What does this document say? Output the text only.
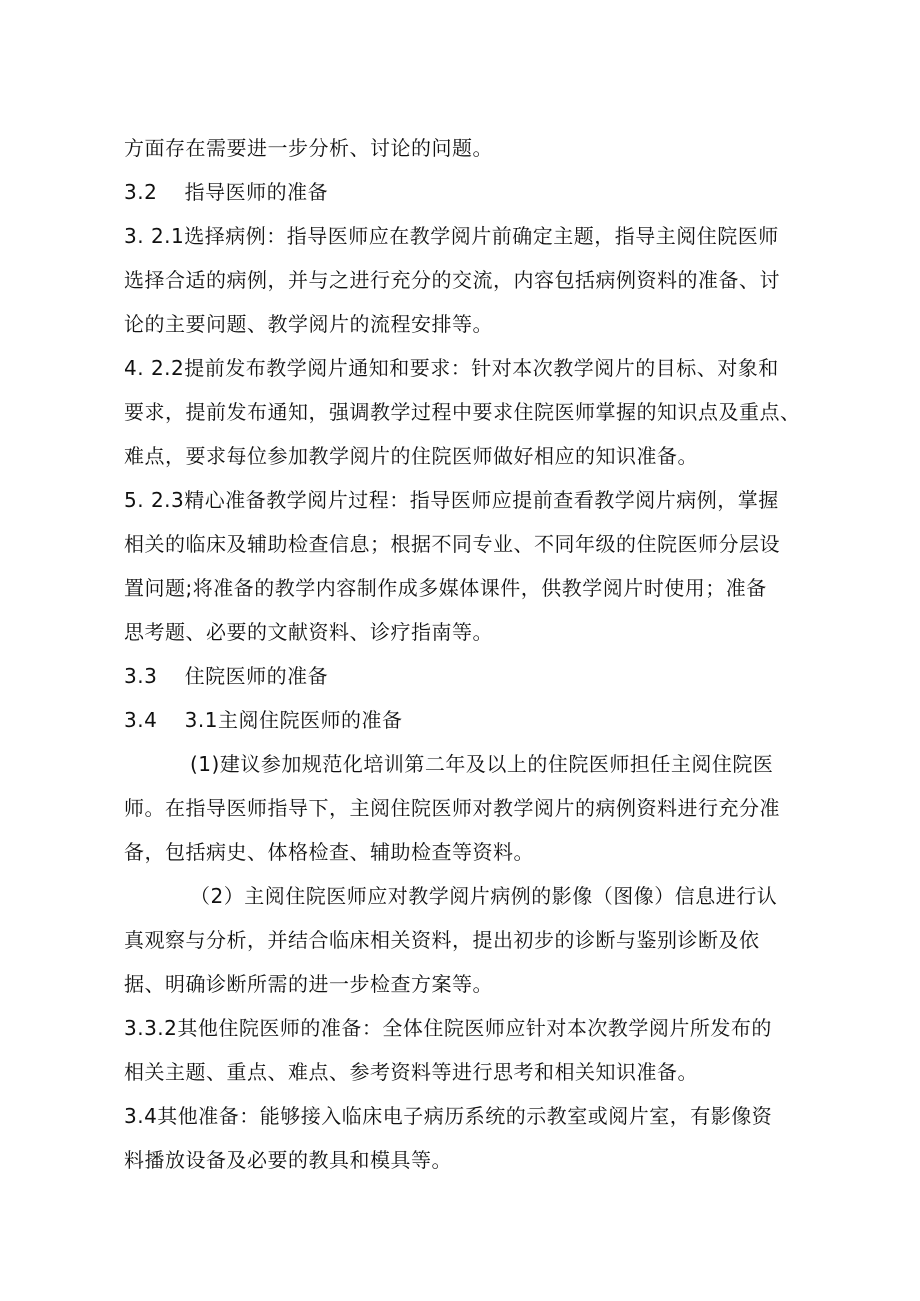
方面存在需要进一步分析、讨论的问题。
3.2　 指导医师的准备
3. 2.1选择病例：指导医师应在教学阅片前确定主题，指导主阅住院医师
选择合适的病例，并与之进行充分的交流，内容包括病例资料的准备、讨
论的主要问题、教学阅片的流程安排等。
4. 2.2提前发布教学阅片通知和要求：针对本次教学阅片的目标、对象和
要求，提前发布通知，强调教学过程中要求住院医师掌握的知识点及重点、
难点，要求每位参加教学阅片的住院医师做好相应的知识准备。
5. 2.3精心准备教学阅片过程：指导医师应提前查看教学阅片病例，掌握
相关的临床及辅助检查信息；根据不同专业、不同年级的住院医师分层设
置问题;将准备的教学内容制作成多媒体课件，供教学阅片时使用；准备
思考题、必要的文献资料、诊疗指南等。
3.3　 住院医师的准备
3.4　 3.1主阅住院医师的准备
(1)建议参加规范化培训第二年及以上的住院医师担任主阅住院医
师。在指导医师指导下，主阅住院医师对教学阅片的病例资料进行充分准
备，包括病史、体格检查、辅助检查等资料。
（2）主阅住院医师应对教学阅片病例的影像（图像）信息进行认
真观察与分析，并结合临床相关资料，提出初步的诊断与鉴别诊断及依
据、明确诊断所需的进一步检查方案等。
3.3.2其他住院医师的准备：全体住院医师应针对本次教学阅片所发布的
相关主题、重点、难点、参考资料等进行思考和相关知识准备。
3.4其他准备：能够接入临床电子病历系统的示教室或阅片室，有影像资
料播放设备及必要的教具和模具等。
